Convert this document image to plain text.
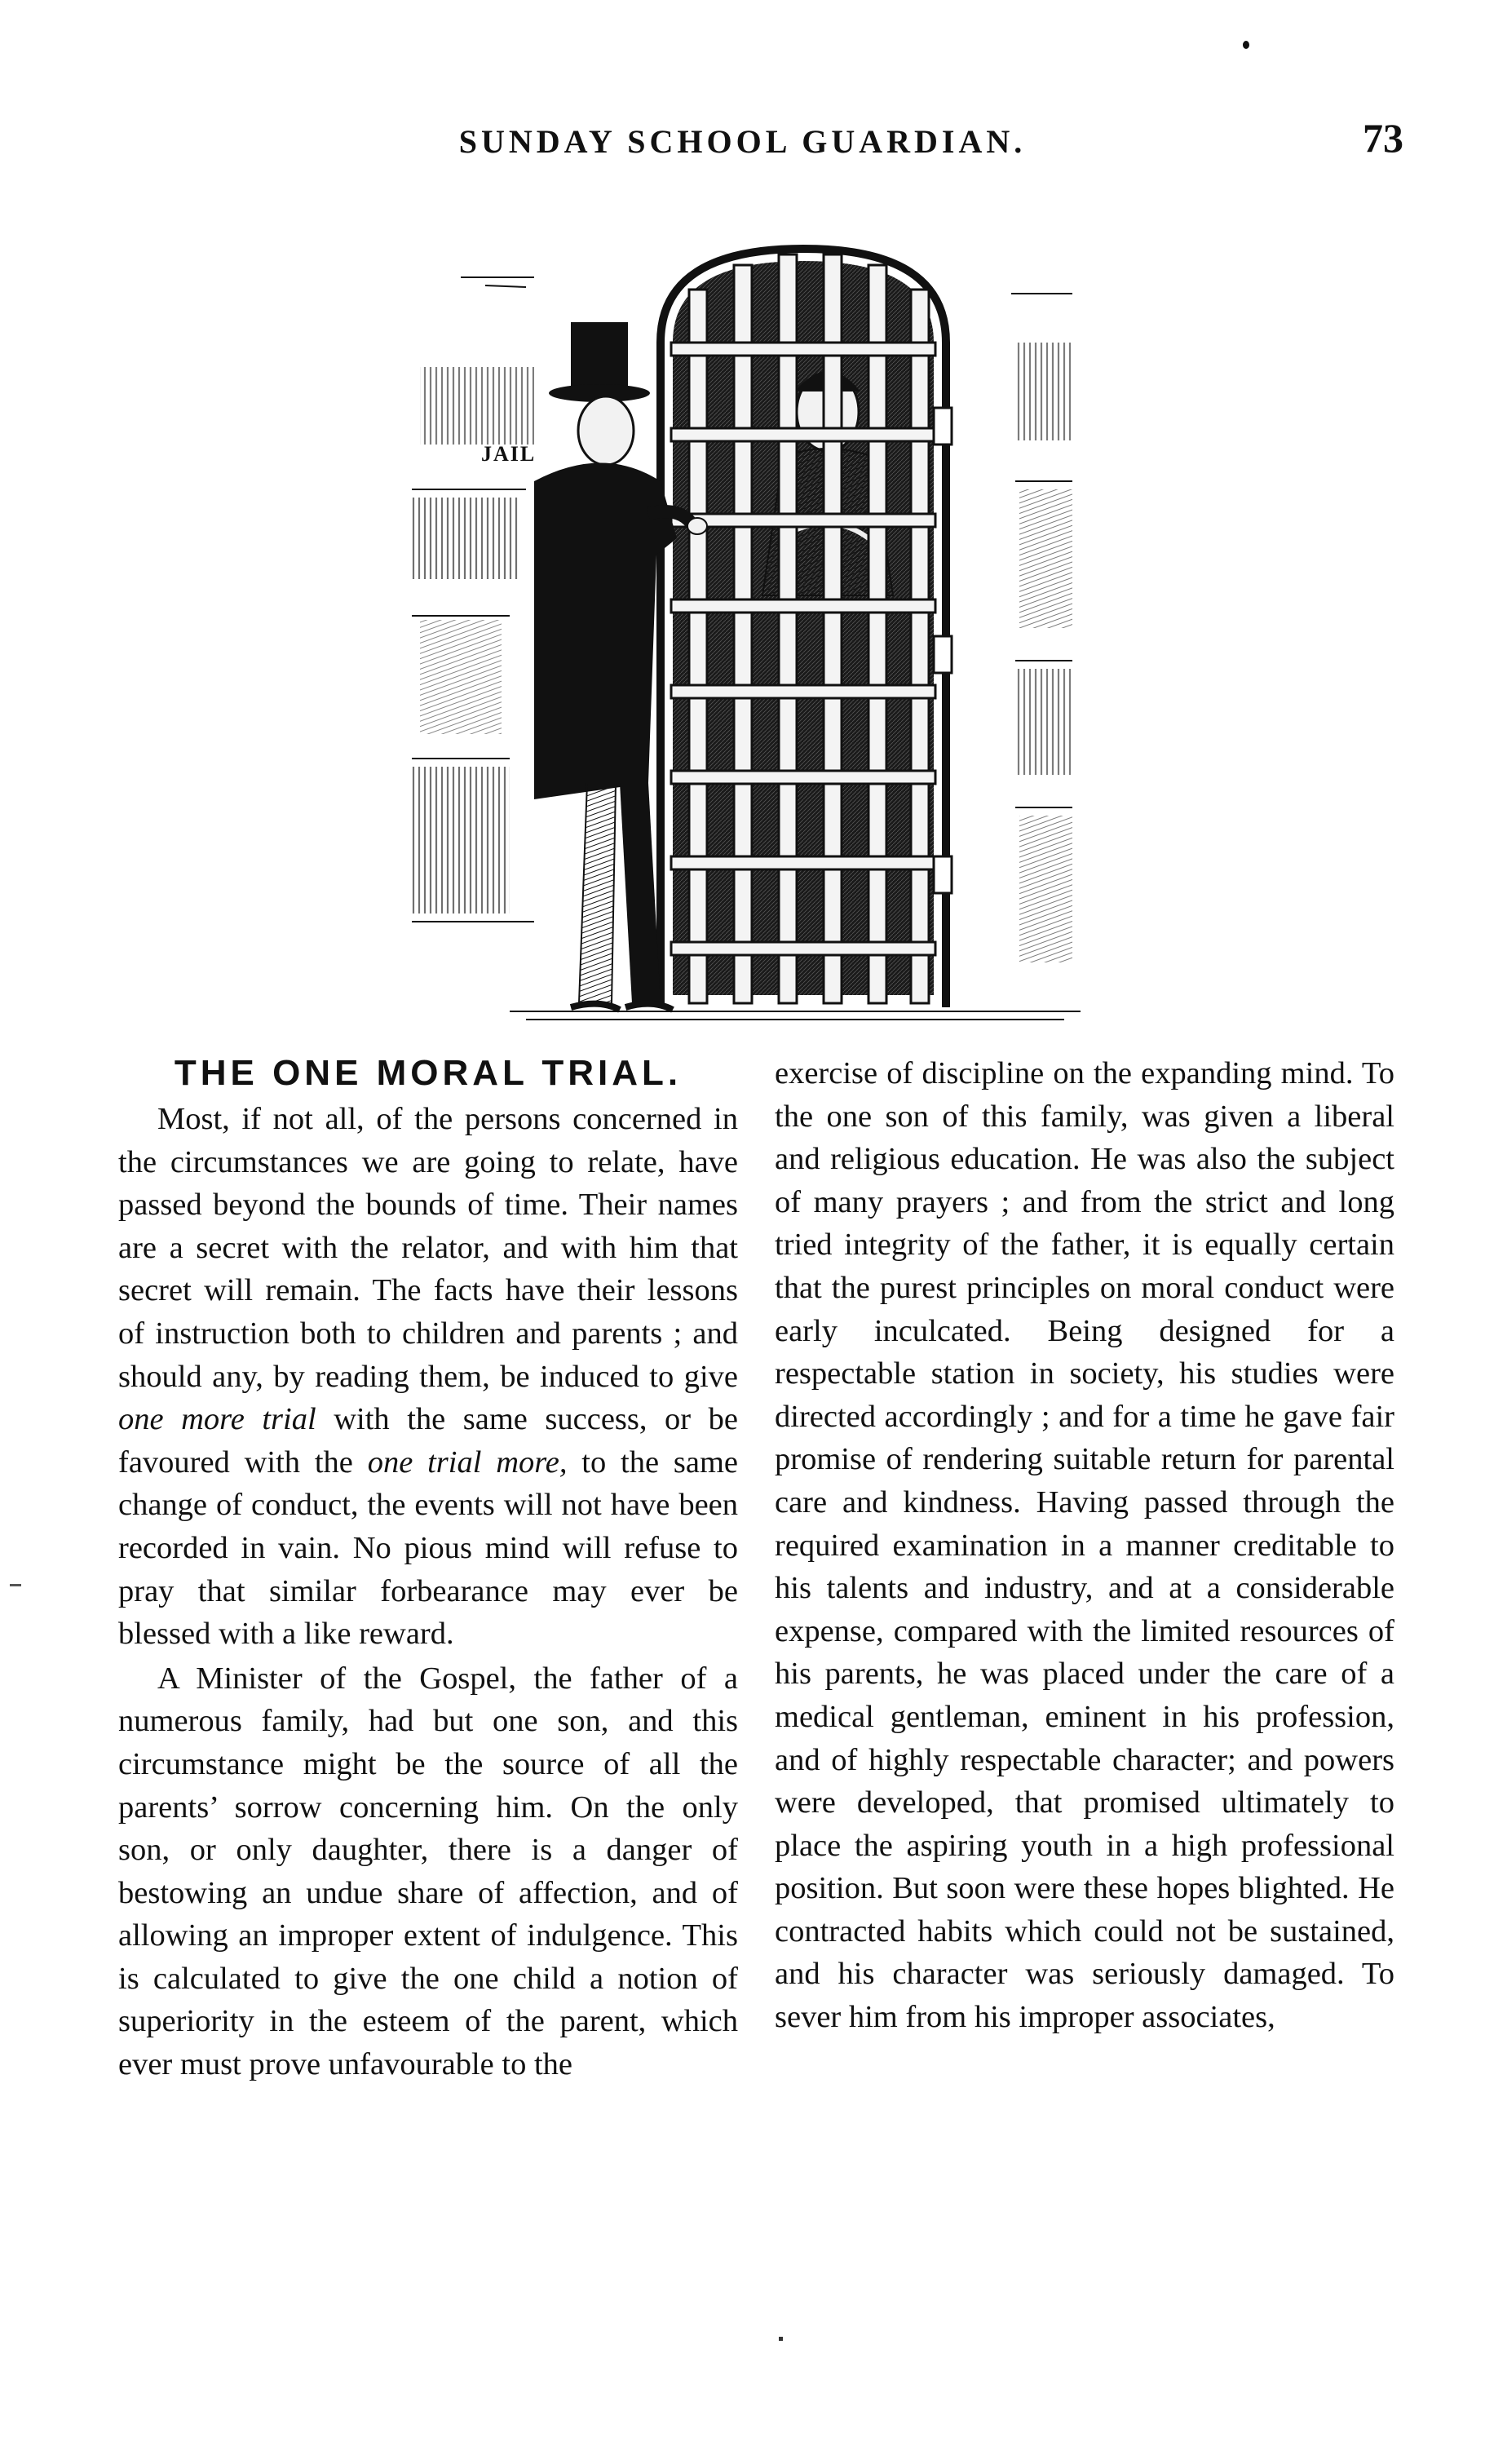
SUNDAY SCHOOL GUARDIAN.	73
JAIL
THE ONE MORAL TRIAL.

Most, if not all, of the persons concerned in the circumstances we are going to relate, have passed beyond the bounds of time. Their names are a secret with the relator, and with him that secret will remain. The facts have their lessons of instruction both to children and parents ; and should any, by reading them, be induced to give one more trial with the same success, or be favoured with the one trial more, to the same change of conduct, the events will not have been recorded in vain. No pious mind will refuse to pray that similar forbearance may ever be blessed with a like reward.

A Minister of the Gospel, the father of a numerous family, had but one son, and this circumstance might be the source of all the parents’ sorrow concerning him. On the only son, or only daughter, there is a danger of bestowing an undue share of affection, and of allowing an improper extent of indulgence. This is calculated to give the one child a notion of superiority in the esteem of the parent, which ever must prove unfavourable to the

exercise of discipline on the expanding mind. To the one son of this family, was given a liberal and religious education. He was also the subject of many prayers ; and from the strict and long tried integrity of the father, it is equally certain that the purest principles on moral conduct were early inculcated. Being designed for a respectable station in society, his studies were directed accordingly ; and for a time he gave fair promise of rendering suitable return for parental care and kindness. Having passed through the required examination in a manner creditable to his talents and industry, and at a considerable expense, compared with the limited resources of his parents, he was placed under the care of a medical gentleman, eminent in his profession, and of highly respectable character; and powers were developed, that promised ultimately to place the aspiring youth in a high professional position. But soon were these hopes blighted. He contracted habits which could not be sustained, and his character was seriously damaged. To sever him from his improper associates,
